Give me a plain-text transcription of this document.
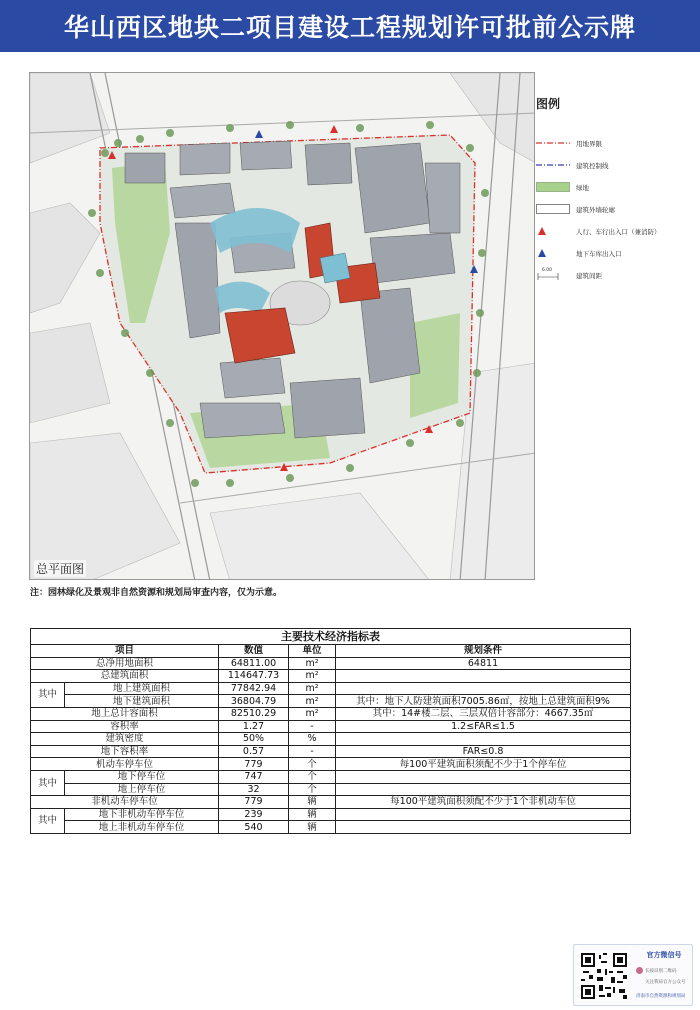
华山西区地块二项目建设工程规划许可批前公示牌
总平面图
图例
用地界限
建筑控制线
绿地
建筑外墙轮廓
人行、车行出入口（兼消防）
地下车库出入口
6.00
建筑间距
注：园林绿化及景观非自然资源和规划局审查内容，仅为示意。
主要技术经济指标表				
项目		数值	单位	规划条件
总净用地面积		64811.00	m²	64811
总建筑面积		114647.73	m²	
其中	地上建筑面积	77842.94	m²	
	地下建筑面积	36804.79	m²	其中：地下人防建筑面积7005.86㎡，按地上总建筑面积9%
地上总计容面积		82510.29	m²	其中：14#楼二层、三层双倍计容部分：4667.35㎡
容积率		1.27	-	1.2≤FAR≤1.5
建筑密度		50%	%	
地下容积率		0.57	-	FAR≤0.8
机动车停车位		779	个	每100平建筑面积须配不少于1个停车位
其中	地下停车位	747	个	
	地上停车位	32	个	
非机动车停车位		779	辆	每100平建筑面积须配不少于1个非机动车位
其中	地下非机动车停车位	239	辆	
	地上非机动车停车位	540	辆	
官方微信号
长按识别二维码
关注我局官方公众号
济南市自然资源和规划局
